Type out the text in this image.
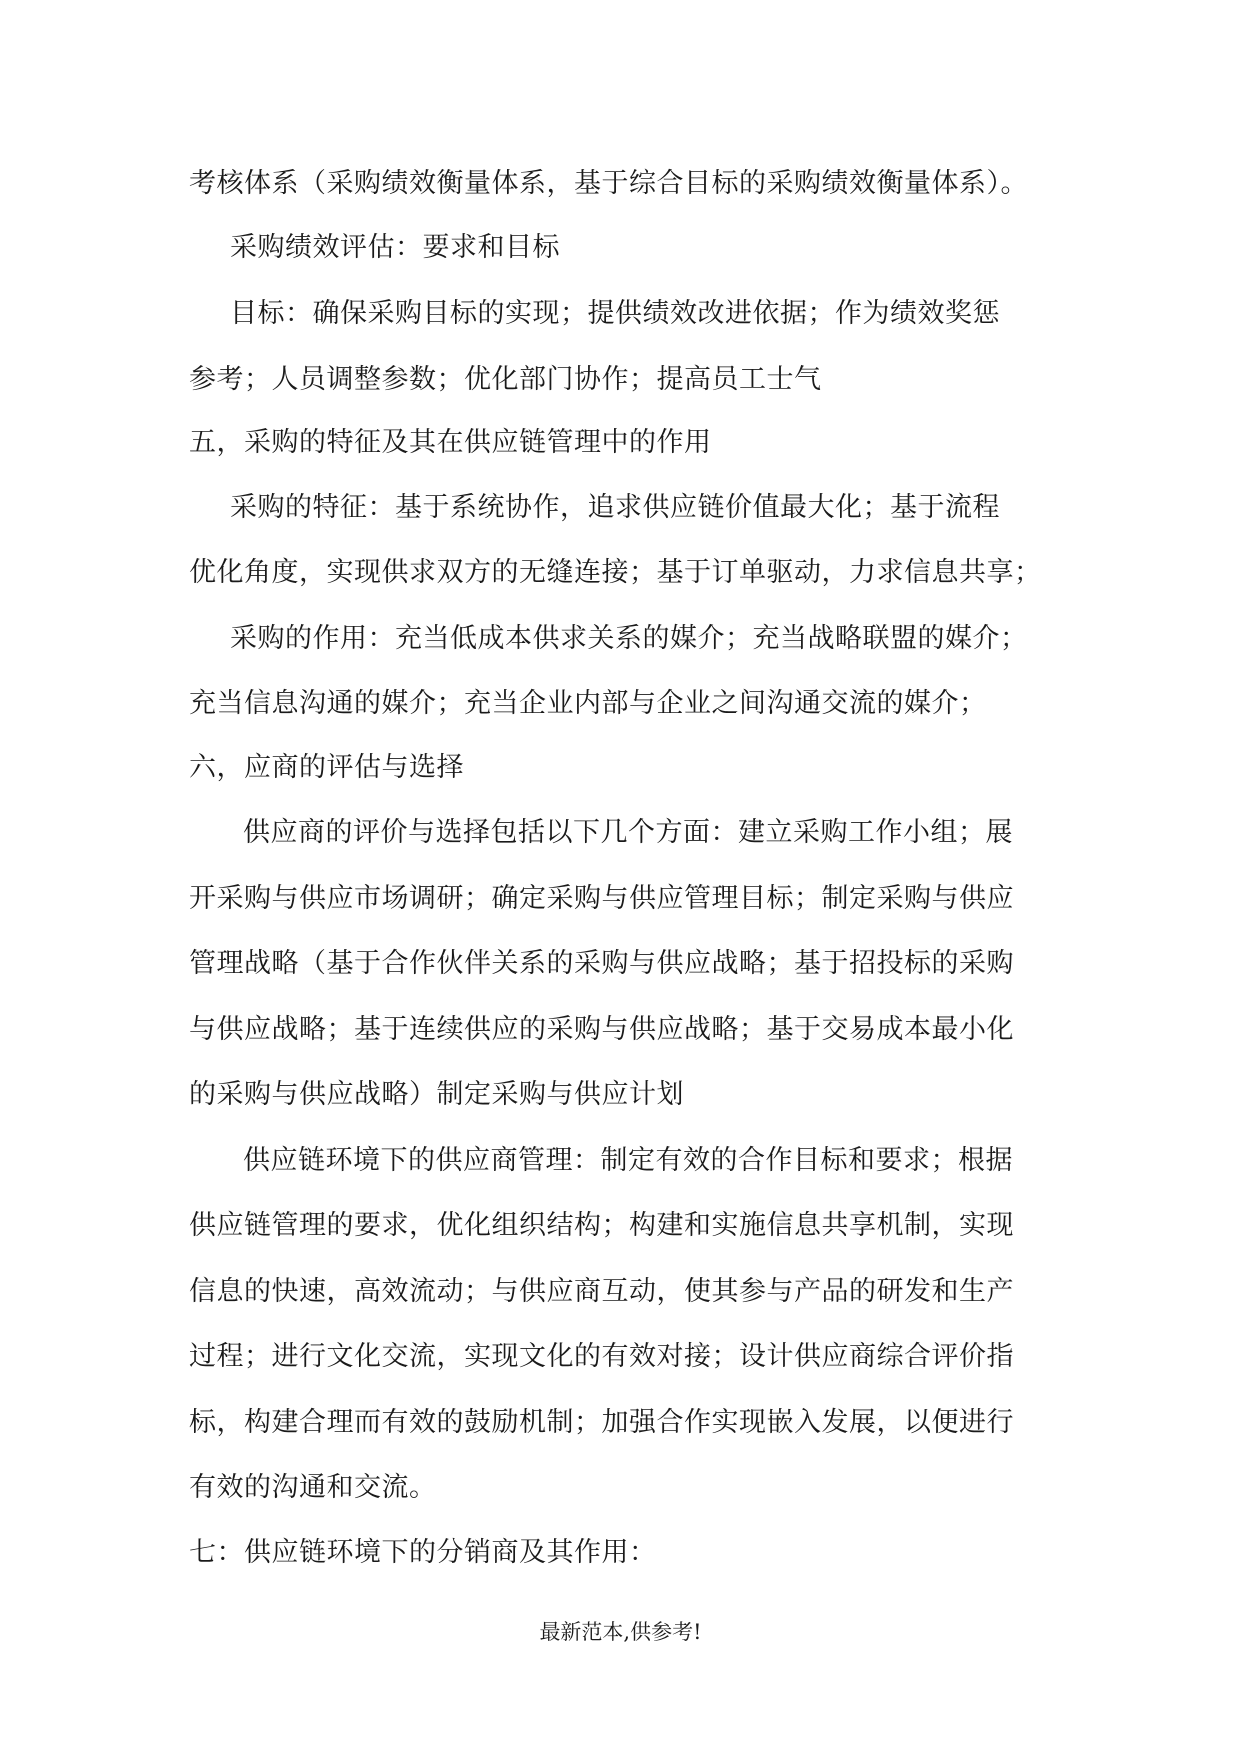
考核体系（采购绩效衡量体系，基于综合目标的采购绩效衡量体系）。
采购绩效评估：要求和目标
目标：确保采购目标的实现；提供绩效改进依据；作为绩效奖惩
参考；人员调整参数；优化部门协作；提高员工士气
五，采购的特征及其在供应链管理中的作用
采购的特征：基于系统协作，追求供应链价值最大化；基于流程
优化角度，实现供求双方的无缝连接；基于订单驱动，力求信息共享；
采购的作用：充当低成本供求关系的媒介；充当战略联盟的媒介；
充当信息沟通的媒介；充当企业内部与企业之间沟通交流的媒介；
六，应商的评估与选择
供应商的评价与选择包括以下几个方面：建立采购工作小组；展
开采购与供应市场调研；确定采购与供应管理目标；制定采购与供应
管理战略（基于合作伙伴关系的采购与供应战略；基于招投标的采购
与供应战略；基于连续供应的采购与供应战略；基于交易成本最小化
的采购与供应战略）制定采购与供应计划
供应链环境下的供应商管理：制定有效的合作目标和要求；根据
供应链管理的要求，优化组织结构；构建和实施信息共享机制，实现
信息的快速，高效流动；与供应商互动，使其参与产品的研发和生产
过程；进行文化交流，实现文化的有效对接；设计供应商综合评价指
标，构建合理而有效的鼓励机制；加强合作实现嵌入发展，以便进行
有效的沟通和交流。
七：供应链环境下的分销商及其作用：
最新范本,供参考!
